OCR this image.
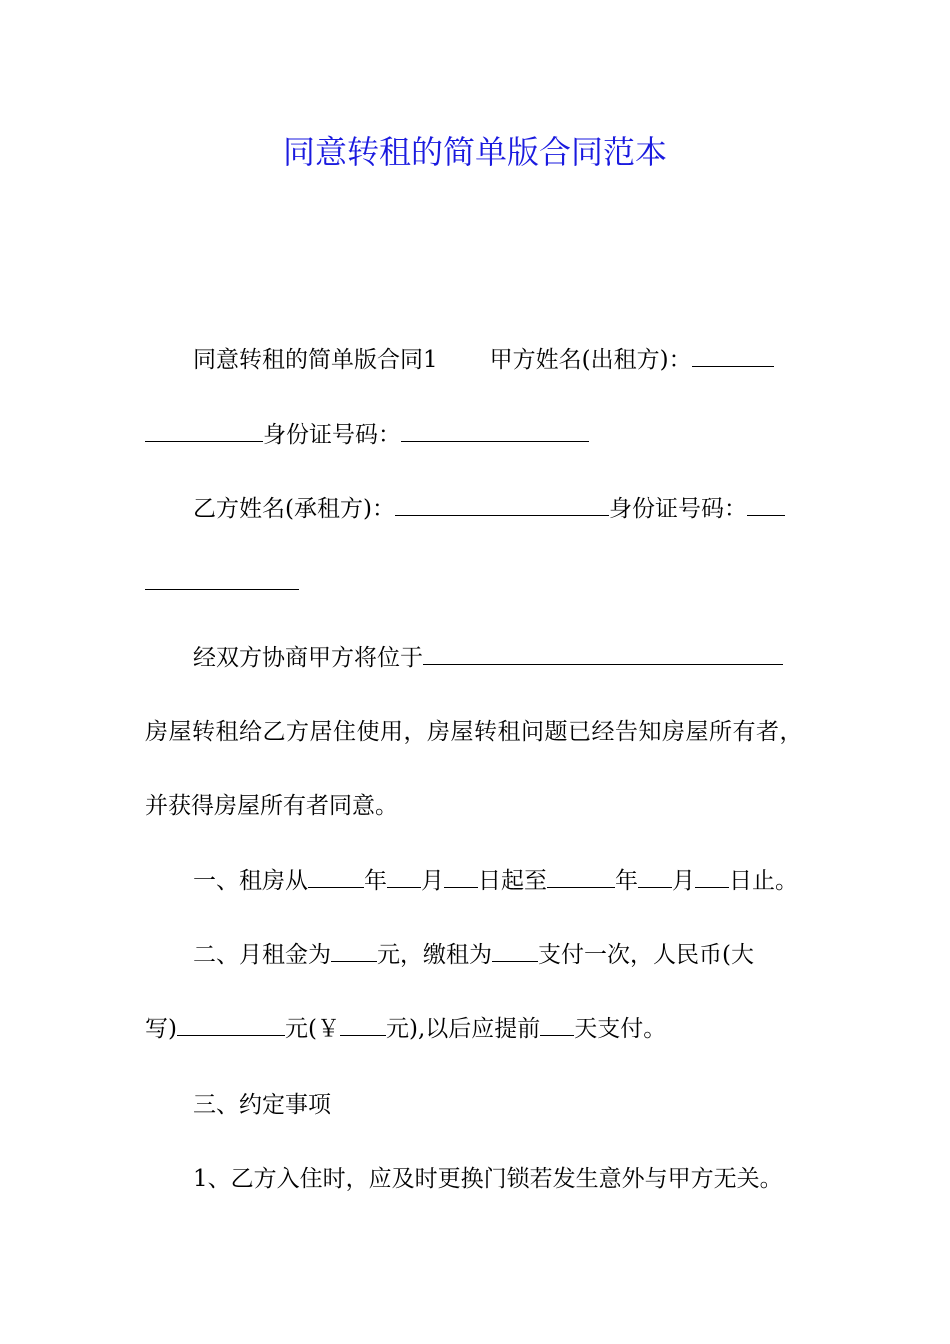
同意转租的简单版合同范本

同意转租的简单版合同1 甲方姓名(出租方)：

身份证号码：

乙方姓名(承租方)：	身份证号码：

经双方协商甲方将位于

房屋转租给乙方居住使用，房屋转租问题已经告知房屋所有者，

并获得房屋所有者同意。

一、租房从 年 月 日起至	年 月 日止。

二、月租金为 元，缴租为 支付一次，人民币(大

写)	元(￥ 元),以后应提前 天支付。

三、约定事项

1、乙方入住时，应及时更换门锁若发生意外与甲方无关。
